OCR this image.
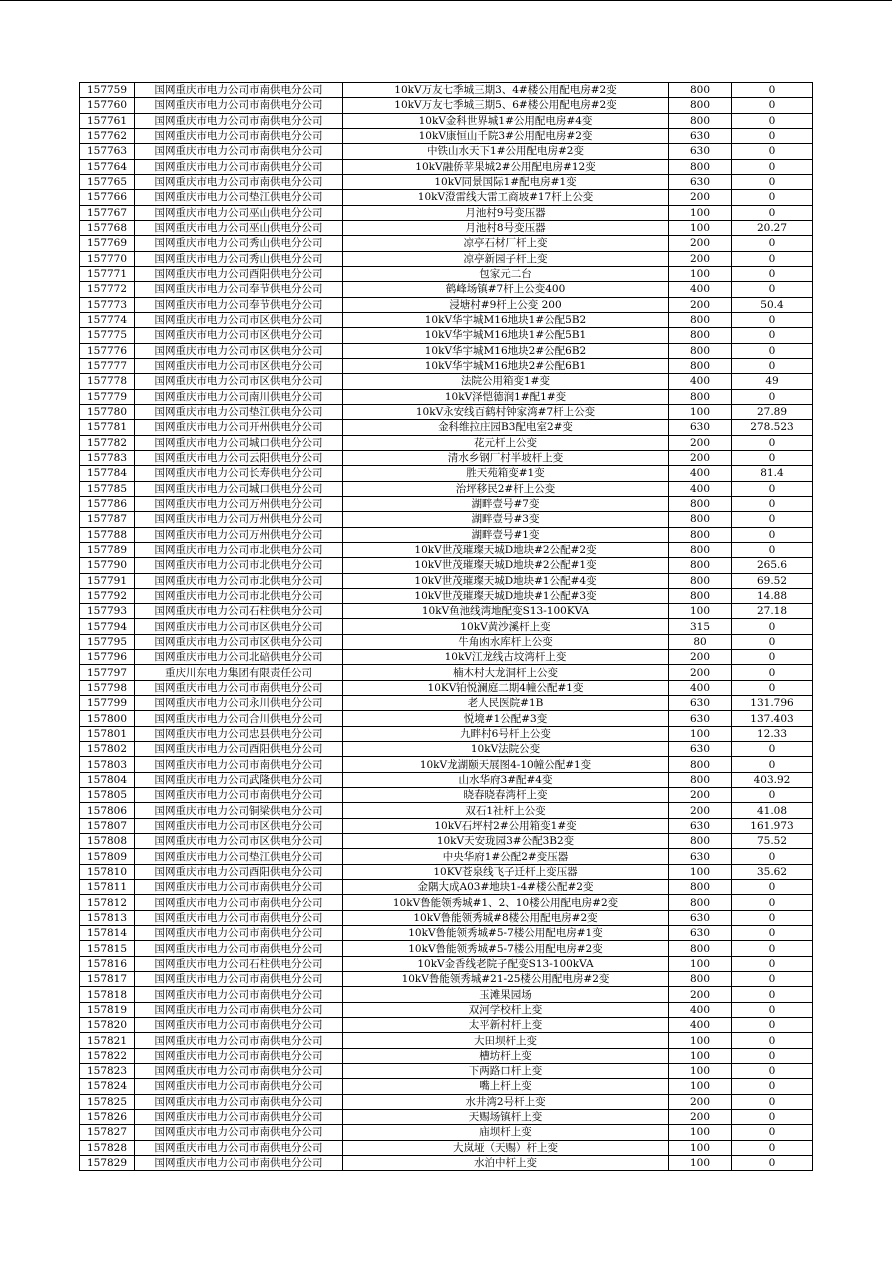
157759	国网重庆市电力公司市南供电分公司	10kV万友七季城三期3、4#楼公用配电房#2变	800	0
157760	国网重庆市电力公司市南供电分公司	10kV万友七季城三期5、6#楼公用配电房#2变	800	0
157761	国网重庆市电力公司市南供电分公司	10kV金科世界城1#公用配电房#4变	800	0
157762	国网重庆市电力公司市南供电分公司	10kV康恒山千院3#公用配电房#2变	630	0
157763	国网重庆市电力公司市南供电分公司	中铁山水天下1#公用配电房#2变	630	0
157764	国网重庆市电力公司市南供电分公司	10kV融侨苹果城2#公用配电房#12变	800	0
157765	国网重庆市电力公司市南供电分公司	10kV同景国际1#配电房#1变	630	0
157766	国网重庆市电力公司垫江供电分公司	10kV澄雷线大雷工商坡#17杆上公变	200	0
157767	国网重庆市电力公司巫山供电分公司	月池村9号变压器	100	0
157768	国网重庆市电力公司巫山供电分公司	月池村8号变压器	100	20.27
157769	国网重庆市电力公司秀山供电分公司	凉亭石材厂杆上变	200	0
157770	国网重庆市电力公司秀山供电分公司	凉亭新园子杆上变	200	0
157771	国网重庆市电力公司酉阳供电分公司	包家元二台	100	0
157772	国网重庆市电力公司奉节供电分公司	鹤峰场镇#7杆上公变400	400	0
157773	国网重庆市电力公司奉节供电分公司	浸塘村#9杆上公变 200	200	50.4
157774	国网重庆市电力公司市区供电分公司	10kV华宇城M16地块1#公配5B2	800	0
157775	国网重庆市电力公司市区供电分公司	10kV华宇城M16地块1#公配5B1	800	0
157776	国网重庆市电力公司市区供电分公司	10kV华宇城M16地块2#公配6B2	800	0
157777	国网重庆市电力公司市区供电分公司	10kV华宇城M16地块2#公配6B1	800	0
157778	国网重庆市电力公司市区供电分公司	法院公用箱变1#变	400	49
157779	国网重庆市电力公司南川供电分公司	10kV泽恺德润1#配1#变	800	0
157780	国网重庆市电力公司垫江供电分公司	10kV永安线百鹤村钟家湾#7杆上公变	100	27.89
157781	国网重庆市电力公司开州供电分公司	金科维拉庄园B3配电室2#变	630	278.523
157782	国网重庆市电力公司城口供电分公司	花元杆上公变	200	0
157783	国网重庆市电力公司云阳供电分公司	清水乡钢厂村半坡杆上变	200	0
157784	国网重庆市电力公司长寿供电分公司	胜天苑箱变#1变	400	81.4
157785	国网重庆市电力公司城口供电分公司	治坪移民2#杆上公变	400	0
157786	国网重庆市电力公司万州供电分公司	湖畔壹号#7变	800	0
157787	国网重庆市电力公司万州供电分公司	湖畔壹号#3变	800	0
157788	国网重庆市电力公司万州供电分公司	湖畔壹号#1变	800	0
157789	国网重庆市电力公司市北供电分公司	10kV世茂璀璨天城D地块#2公配#2变	800	0
157790	国网重庆市电力公司市北供电分公司	10kV世茂璀璨天城D地块#2公配#1变	800	265.6
157791	国网重庆市电力公司市北供电分公司	10kV世茂璀璨天城D地块#1公配#4变	800	69.52
157792	国网重庆市电力公司市北供电分公司	10kV世茂璀璨天城D地块#1公配#3变	800	14.88
157793	国网重庆市电力公司石柱供电分公司	10kV鱼池线湾地配变S13-100KVA	100	27.18
157794	国网重庆市电力公司市区供电分公司	10kV黄沙溪杆上变	315	0
157795	国网重庆市电力公司市区供电分公司	牛角凼水库杆上公变	80	0
157796	国网重庆市电力公司北碚供电分公司	10kV江龙线古坟湾杆上变	200	0
157797	重庆川东电力集团有限责任公司	楠木村大龙洞杆上公变	200	0
157798	国网重庆市电力公司市南供电分公司	10KV铂悦澜庭二期4幢公配#1变	400	0
157799	国网重庆市电力公司永川供电分公司	老人民医院#1B	630	131.796
157800	国网重庆市电力公司合川供电分公司	悦境#1公配#3变	630	137.403
157801	国网重庆市电力公司忠县供电分公司	九畔村6号杆上公变	100	12.33
157802	国网重庆市电力公司酉阳供电分公司	10kV法院公变	630	0
157803	国网重庆市电力公司市南供电分公司	10kV龙湖颐天展图4-10幢公配#1变	800	0
157804	国网重庆市电力公司武隆供电分公司	山水华府3#配#4变	800	403.92
157805	国网重庆市电力公司市南供电分公司	晓春晓春湾杆上变	200	0
157806	国网重庆市电力公司铜梁供电分公司	双石1社杆上公变	200	41.08
157807	国网重庆市电力公司市区供电分公司	10kV石坪村2#公用箱变1#变	630	161.973
157808	国网重庆市电力公司市区供电分公司	10kV天安珑园3#公配3B2变	800	75.52
157809	国网重庆市电力公司垫江供电分公司	中央华府1#公配2#变压器	630	0
157810	国网重庆市电力公司酉阳供电分公司	10KV苍泉线飞子迁杆上变压器	100	35.62
157811	国网重庆市电力公司市南供电分公司	金隅大成A03#地块1-4#楼公配#2变	800	0
157812	国网重庆市电力公司市南供电分公司	10kV鲁能领秀城#1、2、10楼公用配电房#2变	800	0
157813	国网重庆市电力公司市南供电分公司	10kV鲁能领秀城#8楼公用配电房#2变	630	0
157814	国网重庆市电力公司市南供电分公司	10kV鲁能领秀城#5-7楼公用配电房#1变	630	0
157815	国网重庆市电力公司市南供电分公司	10kV鲁能领秀城#5-7楼公用配电房#2变	800	0
157816	国网重庆市电力公司石柱供电分公司	10kV金香线老院子配变S13-100kVA	100	0
157817	国网重庆市电力公司市南供电分公司	10kV鲁能领秀城#21-25楼公用配电房#2变	800	0
157818	国网重庆市电力公司市南供电分公司	玉滩果园场	200	0
157819	国网重庆市电力公司市南供电分公司	双河学校杆上变	400	0
157820	国网重庆市电力公司市南供电分公司	太平新村杆上变	400	0
157821	国网重庆市电力公司市南供电分公司	大田坝杆上变	100	0
157822	国网重庆市电力公司市南供电分公司	槽坊杆上变	100	0
157823	国网重庆市电力公司市南供电分公司	下两路口杆上变	100	0
157824	国网重庆市电力公司市南供电分公司	嘴上杆上变	100	0
157825	国网重庆市电力公司市南供电分公司	水井湾2号杆上变	200	0
157826	国网重庆市电力公司市南供电分公司	天赐场镇杆上变	200	0
157827	国网重庆市电力公司市南供电分公司	庙坝杆上变	100	0
157828	国网重庆市电力公司市南供电分公司	大岚垭（天赐）杆上变	100	0
157829	国网重庆市电力公司市南供电分公司	水泊中杆上变	100	0
